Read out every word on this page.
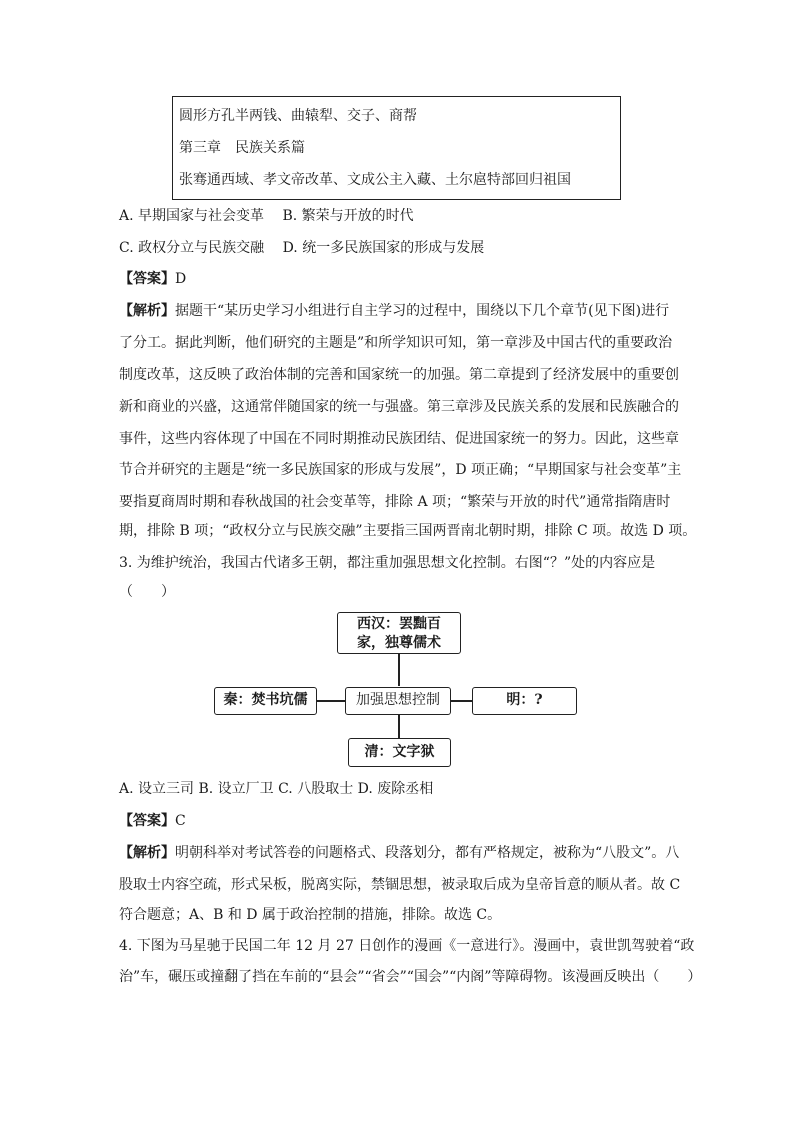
圆形方孔半两钱、曲辕犁、交子、商帮
第三章　民族关系篇
张骞通西域、孝文帝改革、文成公主入藏、土尔扈特部回归祖国
A. 早期国家与社会变革　 B. 繁荣与开放的时代
C. 政权分立与民族交融　 D. 统一多民族国家的形成与发展
【答案】D
【解析】据题干“某历史学习小组进行自主学习的过程中，围绕以下几个章节(见下图)进行
了分工。据此判断，他们研究的主题是”和所学知识可知，第一章涉及中国古代的重要政治
制度改革，这反映了政治体制的完善和国家统一的加强。第二章提到了经济发展中的重要创
新和商业的兴盛，这通常伴随国家的统一与强盛。第三章涉及民族关系的发展和民族融合的
事件，这些内容体现了中国在不同时期推动民族团结、促进国家统一的努力。因此，这些章
节合并研究的主题是“统一多民族国家的形成与发展”，D 项正确；“早期国家与社会变革”主
要指夏商周时期和春秋战国的社会变革等，排除 A 项；“繁荣与开放的时代”通常指隋唐时
期，排除 B 项；“政权分立与民族交融”主要指三国两晋南北朝时期，排除 C 项。故选 D 项。
3. 为维护统治，我国古代诸多王朝，都注重加强思想文化控制。右图“？”处的内容应是
（　　）
西汉：罢黜百
家，独尊儒术
秦：焚书坑儒	加强思想控制	明：?
清：文字狱
A. 设立三司 B. 设立厂卫 C. 八股取士 D. 废除丞相
【答案】C
【解析】明朝科举对考试答卷的问题格式、段落划分，都有严格规定，被称为“八股文”。八
股取士内容空疏，形式呆板，脱离实际，禁锢思想，被录取后成为皇帝旨意的顺从者。故 C
符合题意；A、B 和 D 属于政治控制的措施，排除。故选 C。
4. 下图为马星驰于民国二年 12 月 27 日创作的漫画《一意进行》。漫画中，袁世凯驾驶着“政
治”车，碾压或撞翻了挡在车前的“县会”“省会”“国会”“内阁”等障碍物。该漫画反映出（　　）
